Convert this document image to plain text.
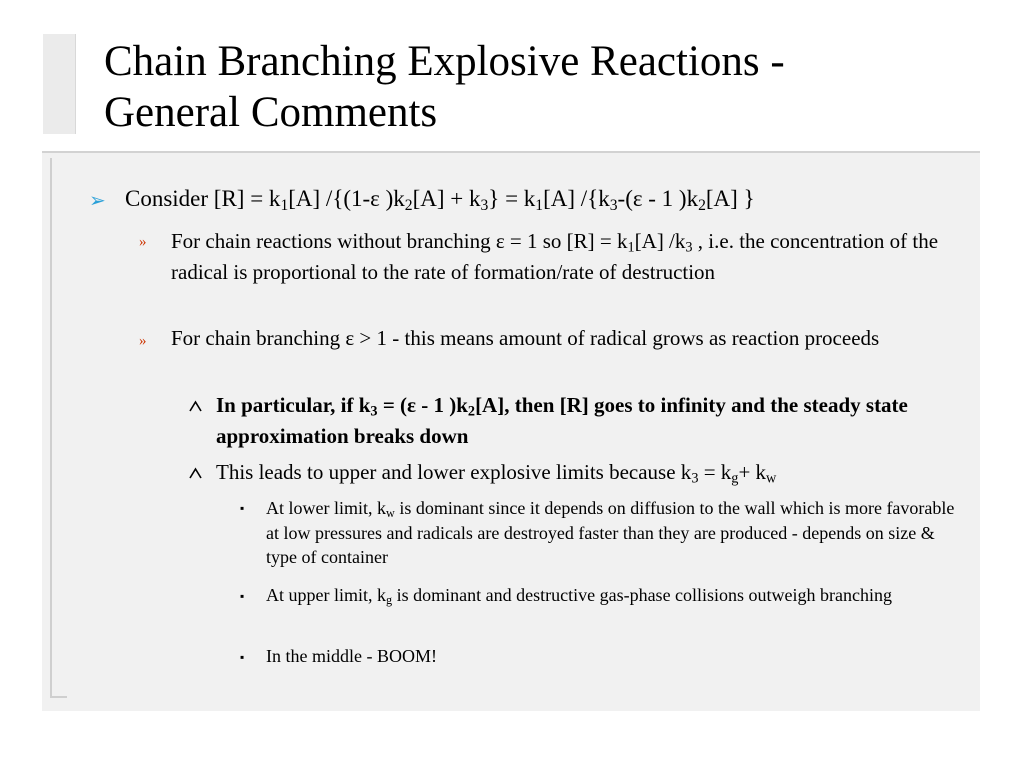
Chain Branching Explosive Reactions -
General Comments
➢ Consider $[R] = k_1[A]$ /{(1-ε )$k_2[A] + k_3\} = k_1[A]$ $/\{k_3-(\varepsilon - 1$ )$k_2[A]$ }
» For chain reactions without branching ε = 1 so $[R] = k_1[A]$ $/k_3$ , i.e. the concentration of the radical is proportional to the rate of formation/rate of destruction
» For chain branching ε > 1 - this means amount of radical grows as reaction proceeds
In particular, if $k_3 = (\varepsilon - 1$ )$k_2[A]$, then [R] goes to infinity and the steady state approximation breaks down
This leads to upper and lower explosive limits because $k_3 = k_g+ k_w$
▪ At lower limit, $k_w$ is dominant since it depends on diffusion to the wall which is more favorable at low pressures and radicals are destroyed faster than they are produced - depends on size & type of container
▪ At upper limit, $k_g$ is dominant and destructive gas-phase collisions outweigh branching
▪ In the middle - BOOM!
